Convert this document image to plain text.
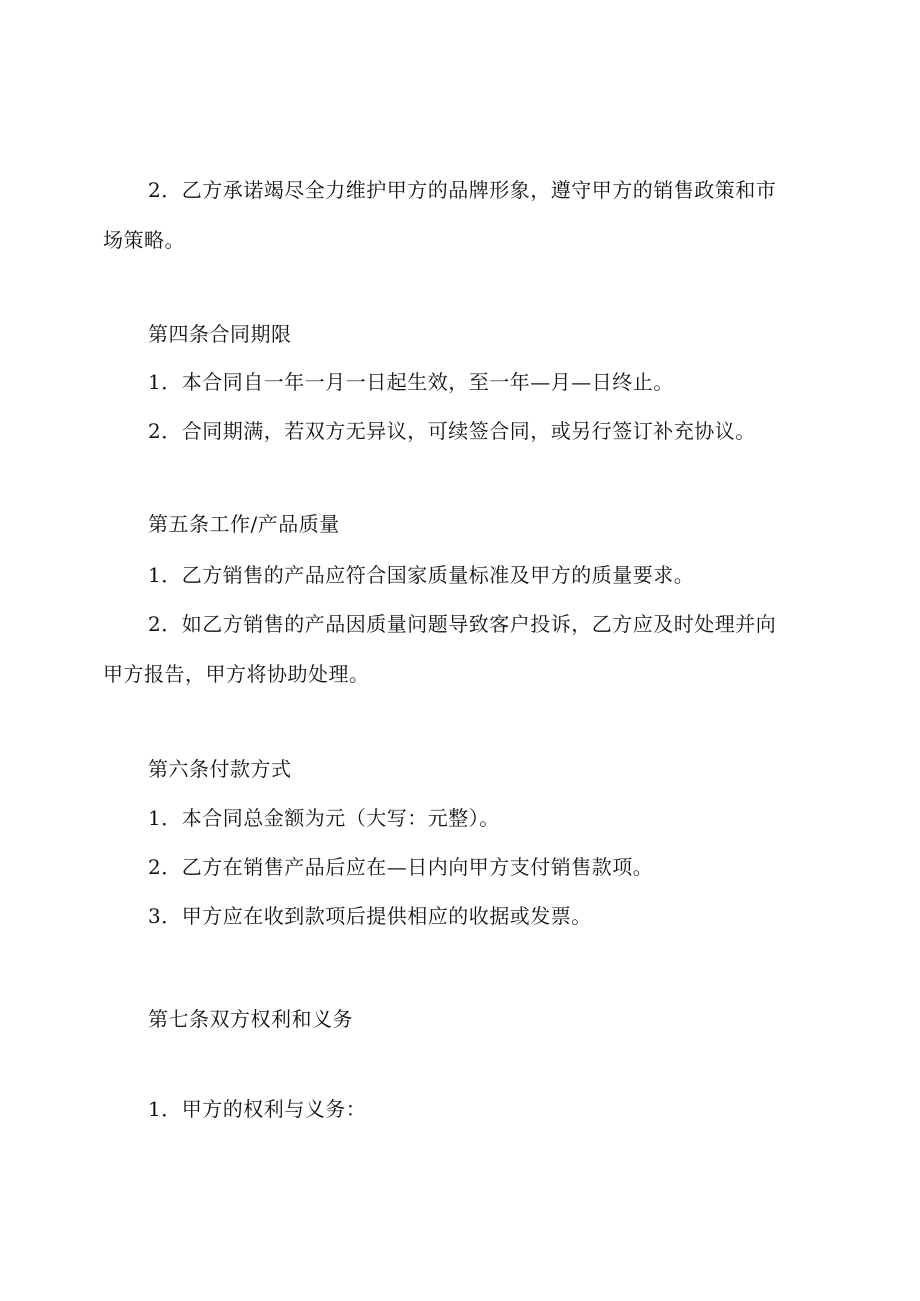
2．乙方承诺竭尽全力维护甲方的品牌形象，遵守甲方的销售政策和市
场策略。
第四条合同期限
1．本合同自一年一月一日起生效，至一年—月—日终止。
2．合同期满，若双方无异议，可续签合同，或另行签订补充协议。
第五条工作/产品质量
1．乙方销售的产品应符合国家质量标准及甲方的质量要求。
2．如乙方销售的产品因质量问题导致客户投诉，乙方应及时处理并向
甲方报告，甲方将协助处理。
第六条付款方式
1．本合同总金额为元（大写：元整）。
2．乙方在销售产品后应在—日内向甲方支付销售款项。
3．甲方应在收到款项后提供相应的收据或发票。
第七条双方权利和义务
1．甲方的权利与义务：
